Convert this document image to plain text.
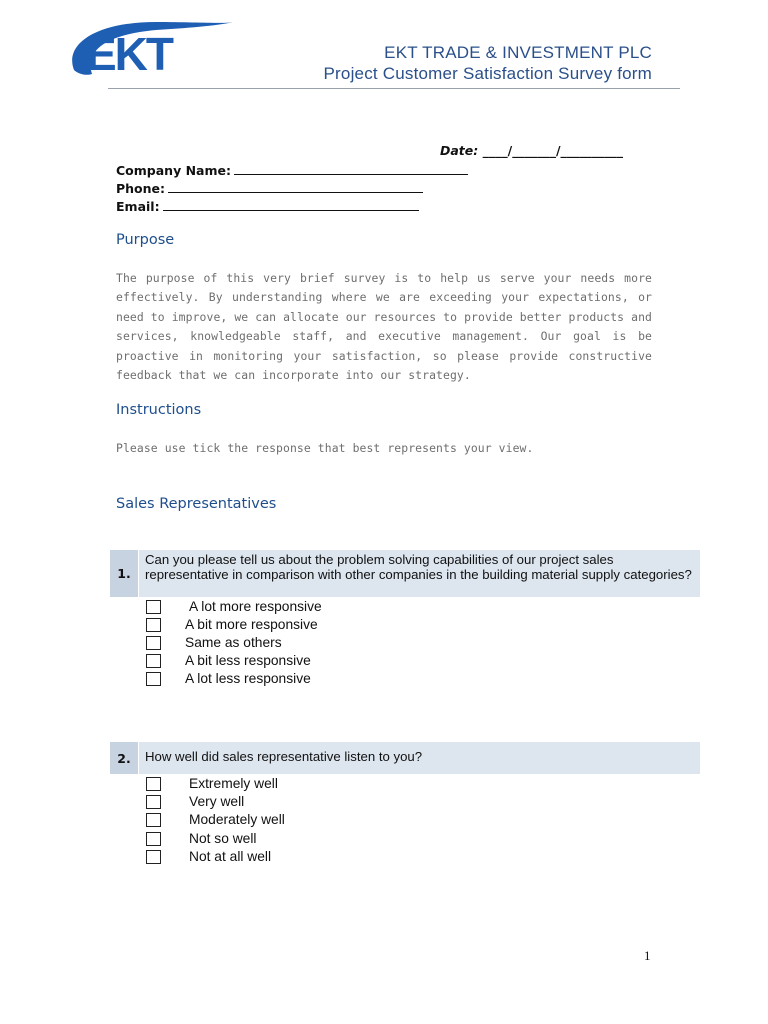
EKT	EKT TRADE & INVESTMENT PLC
Project Customer Satisfaction Survey form
Date: ____/_______/__________
Company Name:
Phone:
Email:
Purpose
The purpose of this very brief survey is to help us serve your needs more effectively. By understanding where we are exceeding your expectations, or need to improve, we can allocate our resources to provide better products and services, knowledgeable staff, and executive management. Our goal is be proactive in monitoring your satisfaction, so please provide constructive feedback that we can incorporate into our strategy.
Instructions
Please use tick the response that best represents your view.
Sales Representatives
1.
Can you please tell us about the problem solving capabilities of our project sales representative in comparison with other companies in the building material supply categories?
A lot more responsive
A bit more responsive
Same as others
A bit less responsive
A lot less responsive
2.	How well did sales representative listen to you?
Extremely well
Very well
Moderately well
Not so well
Not at all well
1
